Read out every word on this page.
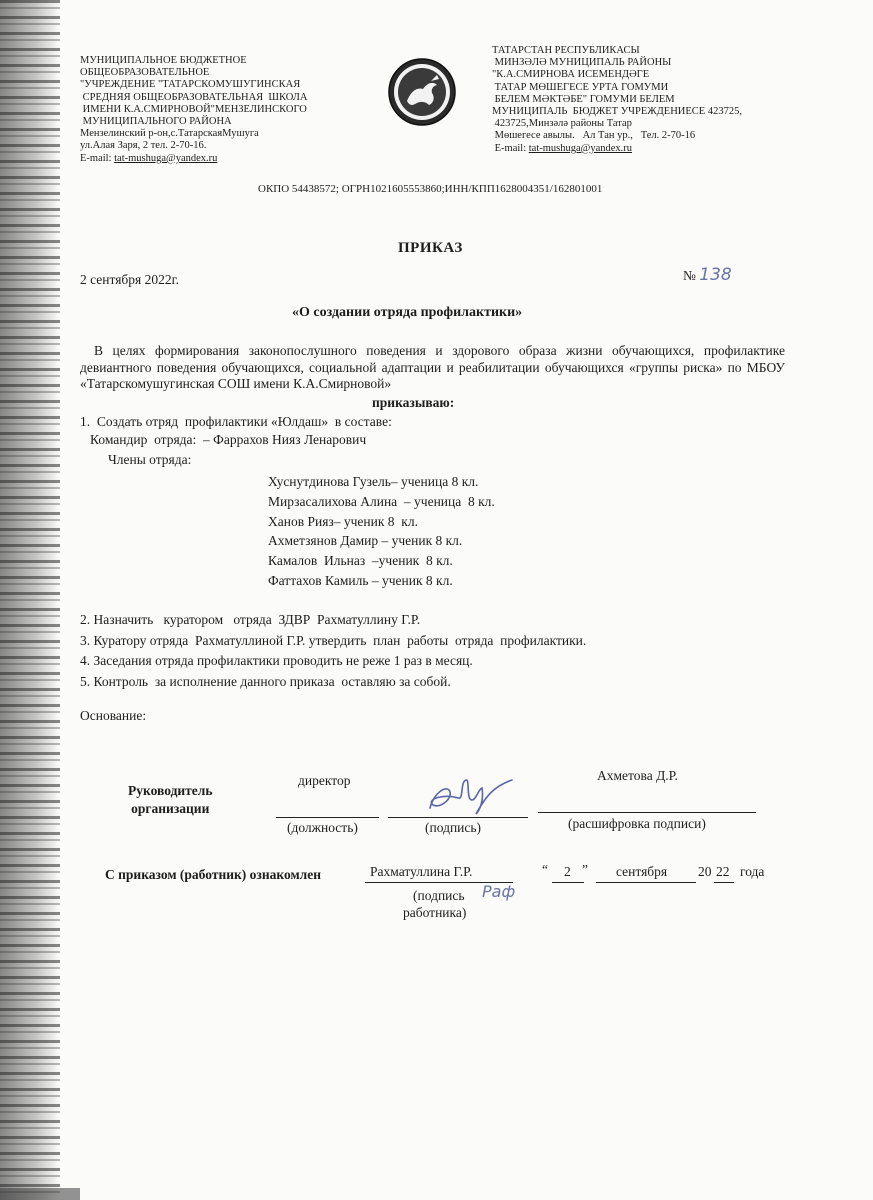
МУНИЦИПАЛЬНОЕ БЮДЖЕТНОЕ
ОБЩЕОБРАЗОВАТЕЛЬНОЕ
"УЧРЕЖДЕНИЕ "ТАТАРСКОМУШУГИНСКАЯ
СРЕДНЯЯ ОБЩЕОБРАЗОВАТЕЛЬНАЯ  ШКОЛА
ИМЕНИ К.А.СМИРНОВОЙ"МЕНЗЕЛИНСКОГО
МУНИЦИПАЛЬНОГО РАЙОНА
Мензелинский р-он,с.ТатарскаяМушуга
ул.Алая Заря, 2 тел. 2-70-16.
E-mail: tat-mushuga@yandex.ru
ТАТАРСТАН РЕСПУБЛИКАСЫ
МИНЗӘЛӘ МУНИЦИПАЛЬ РАЙОНЫ
"К.А.СМИРНОВА ИСЕМЕНДӘГЕ
ТАТАР МӨШЕГЕСЕ УРТА ГОМУМИ
БЕЛЕМ МӘКТӘБЕ" ГОМУМИ БЕЛЕМ
МУНИЦИПАЛЬ  БЮДЖЕТ УЧРЕЖДЕНИЕСЕ 423725,
423725,Минзәлә районы Татар
Мөшегесе авылы.   Ал Тан ур.,   Тел. 2-70-16
E-mail: tat-mushuga@yandex.ru
ОКПО 54438572; ОГРН1021605553860;ИНН/КПП1628004351/162801001
ПРИКАЗ
2 сентября 2022г.	№ 138
«О создании отряда профилактики»
В целях формирования законопослушного поведения и здорового образа жизни обучающихся, профилактике девиантного поведения обучающихся, социальной адаптации и реабилитации обучающихся «группы риска» по МБОУ «Татарскомушугинская СОШ имени К.А.Смирновой»
приказываю:
1.  Создать отряд  профилактики «Юлдаш»  в составе:
Командир  отряда:  – Фаррахов Нияз Ленарович
Члены отряда:
Хуснутдинова Гузель– ученица 8 кл.
Мирзасалихова Алина  – ученица  8 кл.
Ханов Рияз– ученик 8  кл.
Ахметзянов Дамир – ученик 8 кл.
Камалов  Ильназ  –ученик  8 кл.
Фаттахов Камиль – ученик 8 кл.
2. Назначить   куратором   отряда  ЗДВР  Рахматуллину Г.Р.
3. Куратору отряда  Рахматуллиной Г.Р. утвердить  план  работы  отряда  профилактики.
4. Заседания отряда профилактики проводить не реже 1 раз в месяц.
5. Контроль  за исполнение данного приказа  оставляю за собой.
Основание:
Руководитель
организации
директор	Ахметова Д.Р.
(должность)	(подпись)	(расшифровка подписи)
С приказом (работник) ознакомлен	Рахматуллина Г.Р.	“ 2 ” сентября 20 22 года
(подпись
работника)
Раф
